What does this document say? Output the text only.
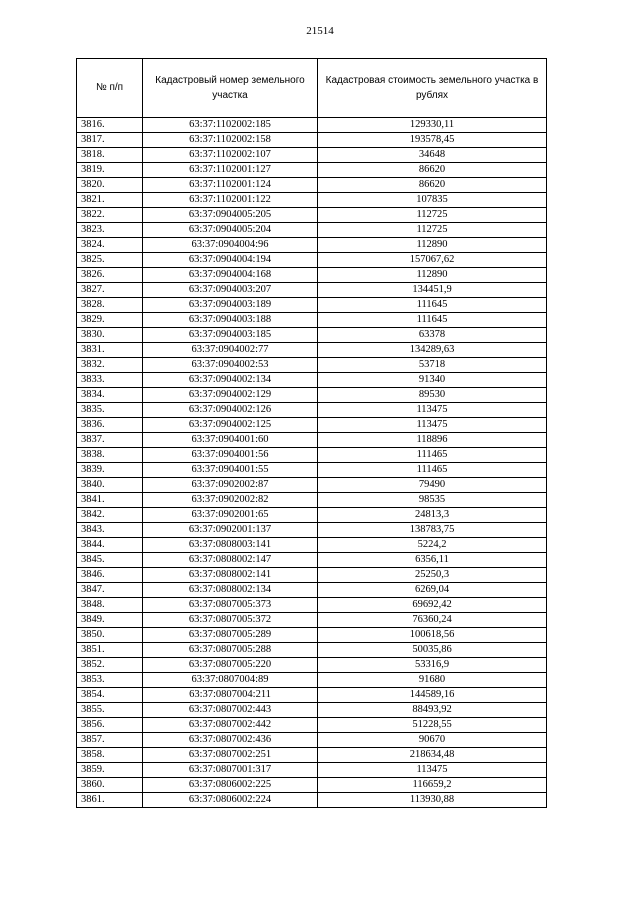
21514
№ п/п	Кадастровый номер земельного участка	Кадастровая стоимость земельного участка в рублях
3816.	63:37:1102002:185	129330,11
3817.	63:37:1102002:158	193578,45
3818.	63:37:1102002:107	34648
3819.	63:37:1102001:127	86620
3820.	63:37:1102001:124	86620
3821.	63:37:1102001:122	107835
3822.	63:37:0904005:205	112725
3823.	63:37:0904005:204	112725
3824.	63:37:0904004:96	112890
3825.	63:37:0904004:194	157067,62
3826.	63:37:0904004:168	112890
3827.	63:37:0904003:207	134451,9
3828.	63:37:0904003:189	111645
3829.	63:37:0904003:188	111645
3830.	63:37:0904003:185	63378
3831.	63:37:0904002:77	134289,63
3832.	63:37:0904002:53	53718
3833.	63:37:0904002:134	91340
3834.	63:37:0904002:129	89530
3835.	63:37:0904002:126	113475
3836.	63:37:0904002:125	113475
3837.	63:37:0904001:60	118896
3838.	63:37:0904001:56	111465
3839.	63:37:0904001:55	111465
3840.	63:37:0902002:87	79490
3841.	63:37:0902002:82	98535
3842.	63:37:0902001:65	24813,3
3843.	63:37:0902001:137	138783,75
3844.	63:37:0808003:141	5224,2
3845.	63:37:0808002:147	6356,11
3846.	63:37:0808002:141	25250,3
3847.	63:37:0808002:134	6269,04
3848.	63:37:0807005:373	69692,42
3849.	63:37:0807005:372	76360,24
3850.	63:37:0807005:289	100618,56
3851.	63:37:0807005:288	50035,86
3852.	63:37:0807005:220	53316,9
3853.	63:37:0807004:89	91680
3854.	63:37:0807004:211	144589,16
3855.	63:37:0807002:443	88493,92
3856.	63:37:0807002:442	51228,55
3857.	63:37:0807002:436	90670
3858.	63:37:0807002:251	218634,48
3859.	63:37:0807001:317	113475
3860.	63:37:0806002:225	116659,2
3861.	63:37:0806002:224	113930,88
